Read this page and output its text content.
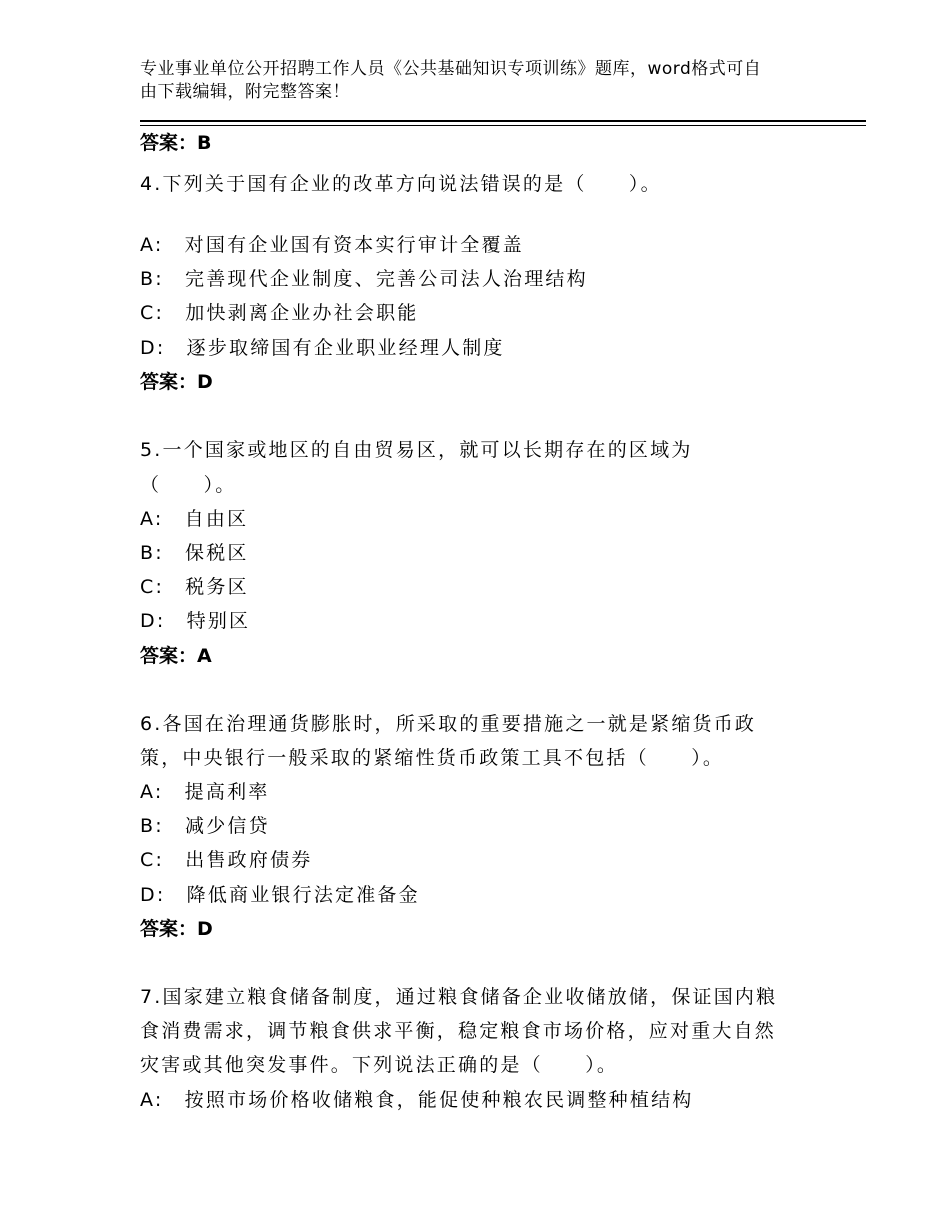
专业事业单位公开招聘工作人员《公共基础知识专项训练》题库，word格式可自
由下载编辑，附完整答案！
答案：B
4.下列关于国有企业的改革方向说法错误的是（　　）。
A:　对国有企业国有资本实行审计全覆盖
B:　完善现代企业制度、完善公司法人治理结构
C:　加快剥离企业办社会职能
D:　逐步取缔国有企业职业经理人制度
答案：D
5.一个国家或地区的自由贸易区，就可以长期存在的区域为
（　　）。
A:　自由区
B:　保税区
C:　税务区
D:　特别区
答案：A
6.各国在治理通货膨胀时，所采取的重要措施之一就是紧缩货币政
策，中央银行一般采取的紧缩性货币政策工具不包括（　　）。
A:　提高利率
B:　减少信贷
C:　出售政府债券
D:　降低商业银行法定准备金
答案：D
7.国家建立粮食储备制度，通过粮食储备企业收储放储，保证国内粮
食消费需求，调节粮食供求平衡，稳定粮食市场价格，应对重大自然
灾害或其他突发事件。下列说法正确的是（　　）。
A:　按照市场价格收储粮食，能促使种粮农民调整种植结构
